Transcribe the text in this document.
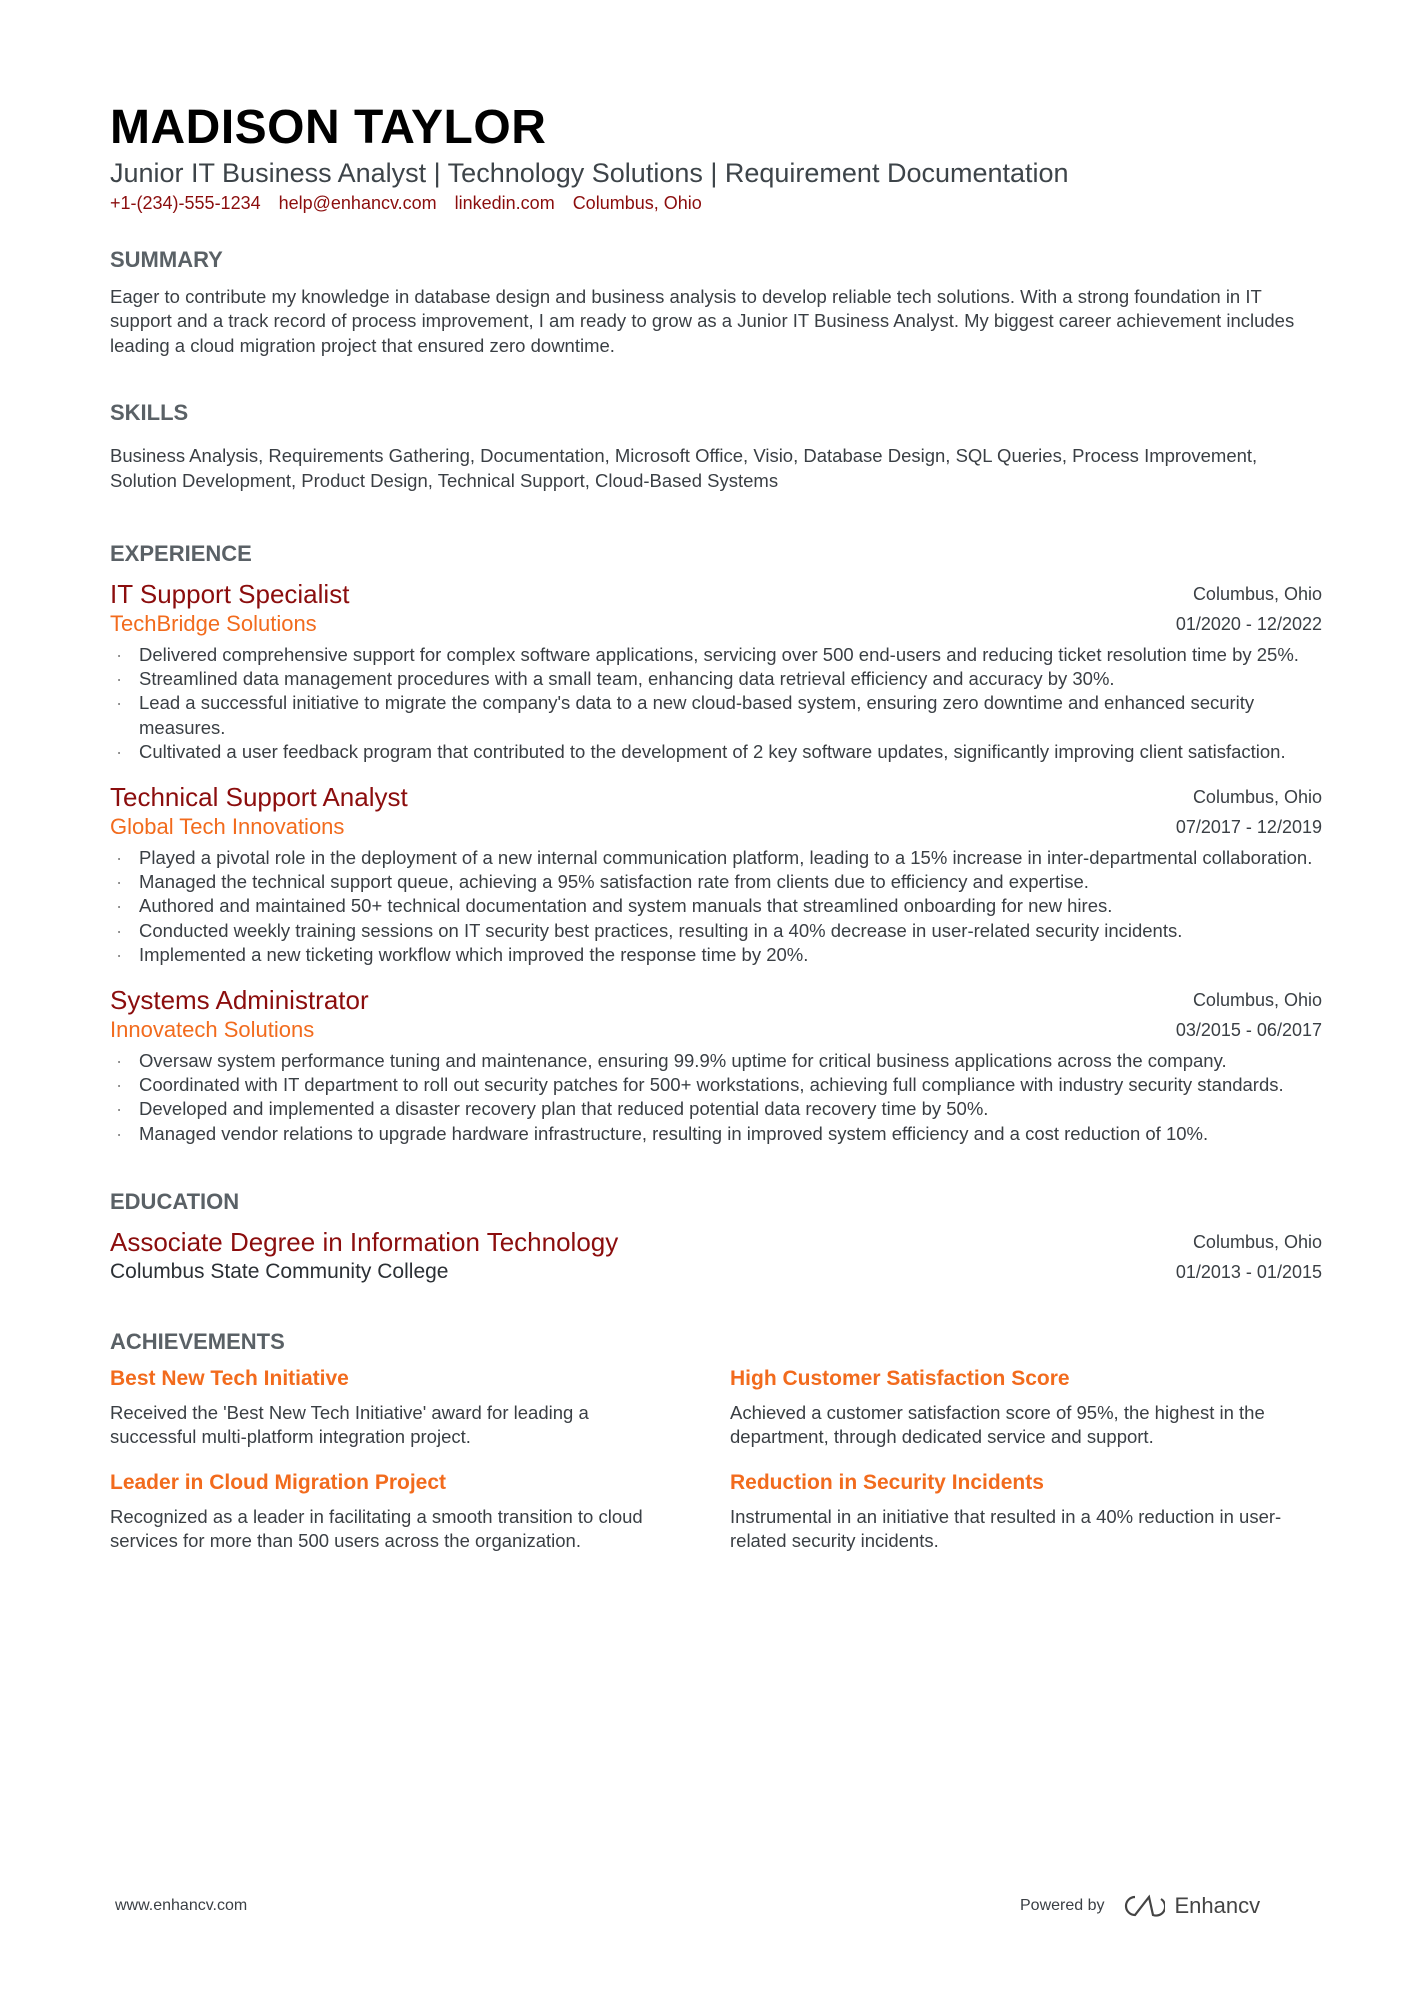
MADISON TAYLOR
Junior IT Business Analyst | Technology Solutions | Requirement Documentation
+1-(234)-555-1234 help@enhancv.com linkedin.com Columbus, Ohio
SUMMARY
Eager to contribute my knowledge in database design and business analysis to develop reliable tech solutions. With a strong foundation in IT support and a track record of process improvement, I am ready to grow as a Junior IT Business Analyst. My biggest career achievement includes leading a cloud migration project that ensured zero downtime.
SKILLS
Business Analysis, Requirements Gathering, Documentation, Microsoft Office, Visio, Database Design, SQL Queries, Process Improvement, Solution Development, Product Design, Technical Support, Cloud-Based Systems
EXPERIENCE
IT Support Specialist
TechBridge Solutions
Columbus, Ohio
01/2020 - 12/2022
· Delivered comprehensive support for complex software applications, servicing over 500 end-users and reducing ticket resolution time by 25%.
· Streamlined data management procedures with a small team, enhancing data retrieval efficiency and accuracy by 30%.
· Lead a successful initiative to migrate the company's data to a new cloud-based system, ensuring zero downtime and enhanced security measures.
· Cultivated a user feedback program that contributed to the development of 2 key software updates, significantly improving client satisfaction.
Technical Support Analyst
Global Tech Innovations
Columbus, Ohio
07/2017 - 12/2019
· Played a pivotal role in the deployment of a new internal communication platform, leading to a 15% increase in inter-departmental collaboration.
· Managed the technical support queue, achieving a 95% satisfaction rate from clients due to efficiency and expertise.
· Authored and maintained 50+ technical documentation and system manuals that streamlined onboarding for new hires.
· Conducted weekly training sessions on IT security best practices, resulting in a 40% decrease in user-related security incidents.
· Implemented a new ticketing workflow which improved the response time by 20%.
Systems Administrator
Innovatech Solutions
Columbus, Ohio
03/2015 - 06/2017
· Oversaw system performance tuning and maintenance, ensuring 99.9% uptime for critical business applications across the company.
· Coordinated with IT department to roll out security patches for 500+ workstations, achieving full compliance with industry security standards.
· Developed and implemented a disaster recovery plan that reduced potential data recovery time by 50%.
· Managed vendor relations to upgrade hardware infrastructure, resulting in improved system efficiency and a cost reduction of 10%.
EDUCATION
Associate Degree in Information Technology
Columbus State Community College
Columbus, Ohio
01/2013 - 01/2015
ACHIEVEMENTS
Best New Tech Initiative
Received the 'Best New Tech Initiative' award for leading a successful multi-platform integration project.
High Customer Satisfaction Score
Achieved a customer satisfaction score of 95%, the highest in the department, through dedicated service and support.
Leader in Cloud Migration Project
Recognized as a leader in facilitating a smooth transition to cloud services for more than 500 users across the organization.
Reduction in Security Incidents
Instrumental in an initiative that resulted in a 40% reduction in user-related security incidents.
www.enhancv.com	Powered by	Enhancv
